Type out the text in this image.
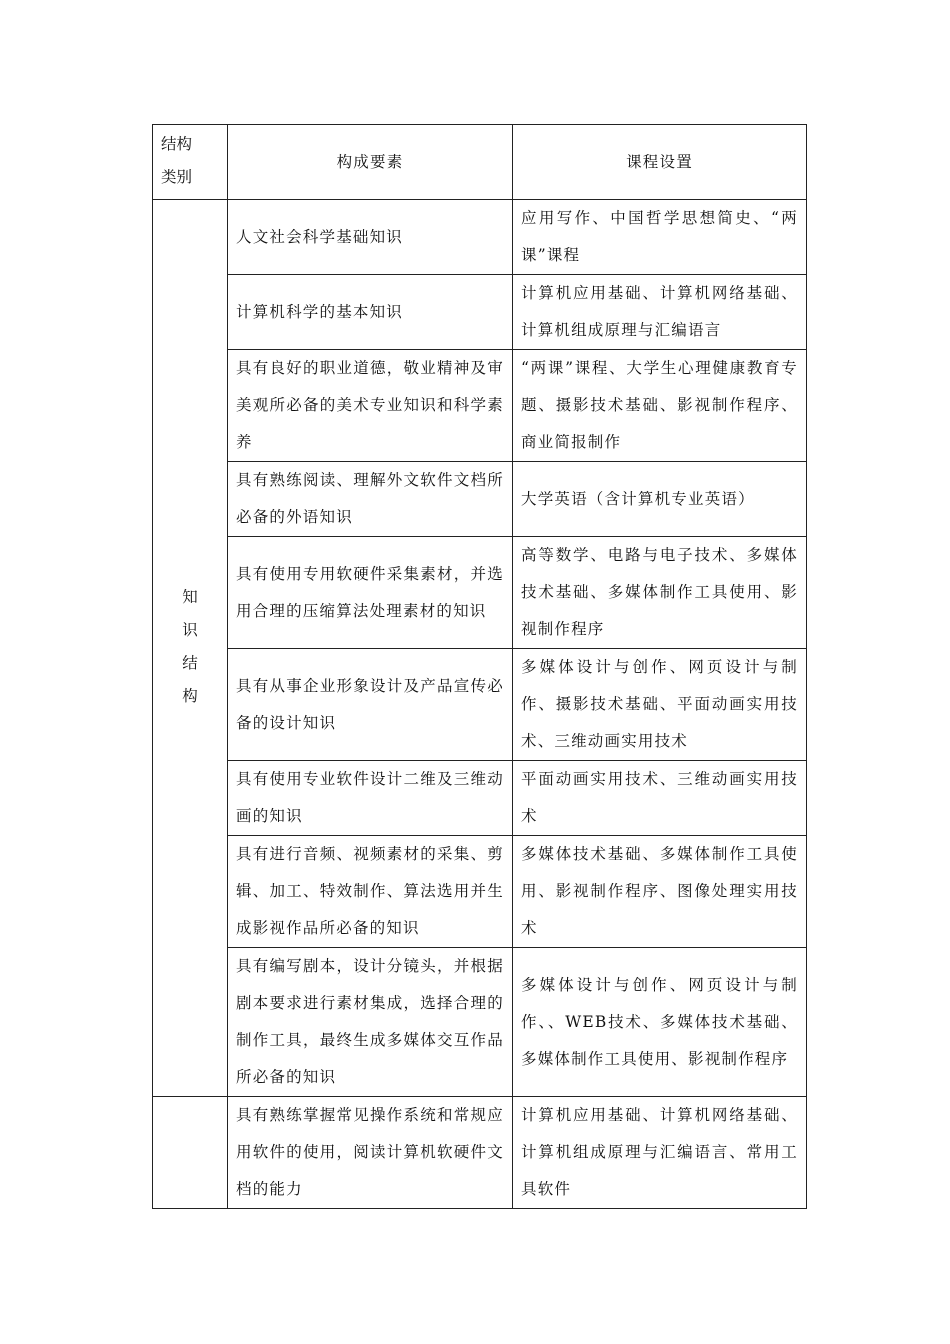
结构类别	构成要素	课程设置
知识结构	人文社会科学基础知识	应用写作、中国哲学思想简史、“两课”课程
	计算机科学的基本知识	计算机应用基础、计算机网络基础、计算机组成原理与汇编语言
	具有良好的职业道德，敬业精神及审美观所必备的美术专业知识和科学素养	“两课”课程、大学生心理健康教育专题、摄影技术基础、影视制作程序、商业简报制作
	具有熟练阅读、理解外文软件文档所必备的外语知识	大学英语（含计算机专业英语）
	具有使用专用软硬件采集素材，并选用合理的压缩算法处理素材的知识	高等数学、电路与电子技术、多媒体技术基础、多媒体制作工具使用、影视制作程序
	具有从事企业形象设计及产品宣传必备的设计知识	多媒体设计与创作、网页设计与制作、摄影技术基础、平面动画实用技术、三维动画实用技术
	具有使用专业软件设计二维及三维动画的知识	平面动画实用技术、三维动画实用技术
	具有进行音频、视频素材的采集、剪辑、加工、特效制作、算法选用并生成影视作品所必备的知识	多媒体技术基础、多媒体制作工具使用、影视制作程序、图像处理实用技术
	具有编写剧本，设计分镜头，并根据剧本要求进行素材集成，选择合理的制作工具，最终生成多媒体交互作品所必备的知识	多媒体设计与创作、网页设计与制作、、WEB技术、多媒体技术基础、多媒体制作工具使用、影视制作程序
	具有熟练掌握常见操作系统和常规应用软件的使用，阅读计算机软硬件文档的能力	计算机应用基础、计算机网络基础、计算机组成原理与汇编语言、常用工具软件
